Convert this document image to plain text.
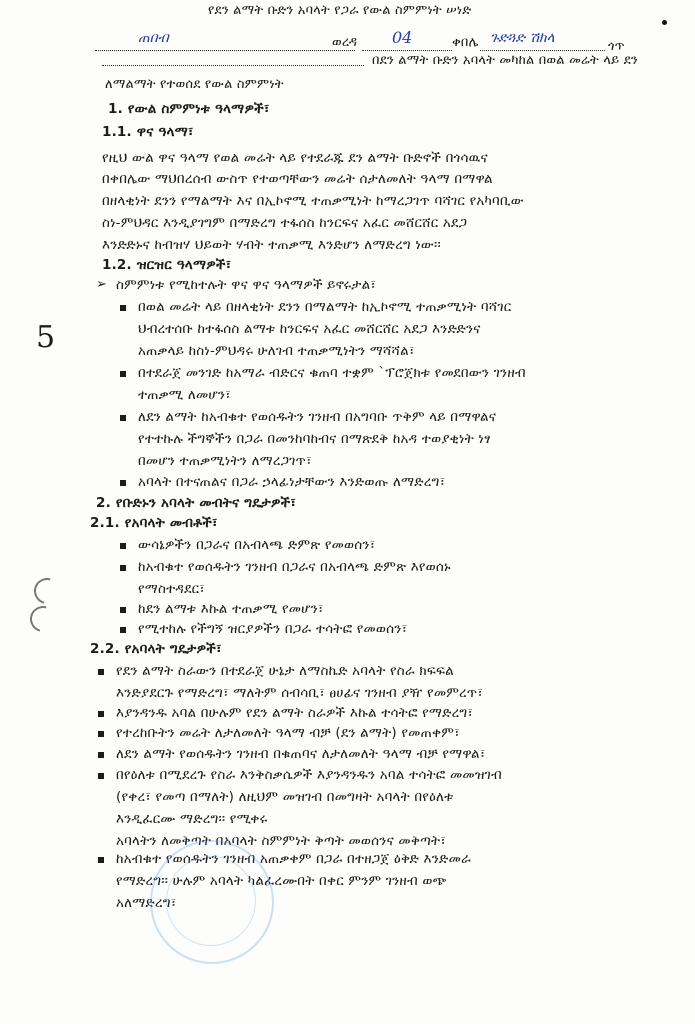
የደን ልማት ቡድን አባላት የጋራ የውል ስምምነት ሠነድ
ጠበብ	ወረዳ 04	ቀበሌ ጉድጓድ ሽክላ
በደን ልማት ቡድን አባላት መካከል በወል መሬት ላይ ደን
ጎጥ
ለማልማት የተወሰደ የውል ስምምነት
1. የውል ስምምነቱ ዓላማዎች፣
1.1. ዋና ዓላማ፣
የዚህ ውል ዋና ዓላማ የወል መሬት ላይ የተደራጁ ደን ልማት ቡድኖች በጎሳዉና
በቀበሌው ማህበረሰብ ውስጥ የተወጣቸውን መሬት ሰታለመለት ዓላማ በማዋል
በዘላቂነት ደንን የማልማት እና በኢኮኖሚ ተጠቃሚነት ከማረጋገጥ ባሻገር የአካባቢው
ስነ-ምህዳር እንዲያገግም በማድረግ ተፋሰስ ከንርፍና አፈር መሸርሸር አደጋ
እንድድኑና ከብዝሃ ህይወት ሃብት ተጠቃሚ እንድሆን ለማድረግ ነው፡፡
1.2. ዝርዝር ዓላማዎች፣
➢ ስምምነቱ የሚከተሉት ዋና ዋና ዓላማዎች ይኖሩታል፣
በወል መሬት ላይ በዘላቂነት ደንን በማልማት ከኢኮኖሚ ተጠቃሚነት ባሻገር
ህብረተሰቡ ከተፋሰስ ልማቱ ከንርፍና አፈር መሸርሸር አደጋ እንድድንና
አጠቃላይ ከስነ-ምህዳሩ ሁለገብ ተጠቃሚነትን ማሻሻል፣
በተደራጀ መንገድ ከአማራ ብድርና ቁጠባ ተቋም `ፕሮጀክቱ የመደበውን ገንዘብ
ተጠቃሚ ለመሆን፣
ለደን ልማት ከአብቁተ የወሰዱትን ገንዘብ በአግባቡ ጥቅም ላይ በማዋልና
የተተኩሉ ችግኞችን በጋራ በመንከባከብና በማጽደቅ ከአዳ ተወያቂነት ነፃ
በመሆን ተጠቃሚነትን ለማረጋገጥ፣
አባላት በተናጠልና በጋራ ኃላፊነታቸውን እንድወጡ ለማድረግ፣
2. የቡድኑን አባላት መብትና ግዴታዎች፣
2.1. የአባላት መብቶች፣
ውሳኔዎችን በጋራና በአብላጫ ድምጽ የመወሰን፣
ከአብቁተ የወሰዱትን ገንዘብ በጋራና በአብላጫ ድምጽ እየወሰኑ
የማስተዳደር፣
ከደን ልማቱ እኩል ተጠቃሚ የመሆን፣
የሚተከሉ የችግኝ ዝርያዎችን በጋራ ተሳትፎ የመወሰን፣
2.2. የአባላት ግዴታዎች፣
የደን ልማት ስራውን በተደራጀ ሁኔታ ለማስኬድ አባላት የስራ ክፍፍል
እንድያደርጉ የማድረግ፣ ማለትም ሰብሳቢ፣ ፀሀፊና ገንዘብ ያዥ የመምረጥ፣
እያንዳንዱ አባል በሁሉም የደን ልማት ስራዎች እኩል ተሳትፎ የማድረግ፣
የተረከቡትን መሬት ለታለመለት ዓላማ ብቻ (ደን ልማት) የመጠቀም፣
ለደን ልማት የወሰዱትን ገንዘብ በቁጠባና ለታለመለት ዓላማ ብቻ የማዋል፣
በየዕለቱ በሚደረጉ የስራ እንቅስቃሴዎች እያንዳንዱን አባል ተሳትፎ መመዝገብ
(የቀረ፣ የመጣ በማለት) ለዚህም መዝገብ በመግዛት አባላት በየዕለቱ
እንዲፈርሙ ማድረግ፡፡ የሚቀሩ
አባላትን ለመቅጣት በአባላት ስምምነት ቅጣት መወሰንና መቅጣት፣
ከአብቁተ የወሰዱትን ገንዘብ አጠቃቀም በጋራ በተዘጋጀ ዕቅድ እንድመራ
የማድረግ፡፡ ሁሉም አባላት ካልፈረሙበት በቀር ምንም ገንዘብ ወጭ
አለማድረግ፣
5
